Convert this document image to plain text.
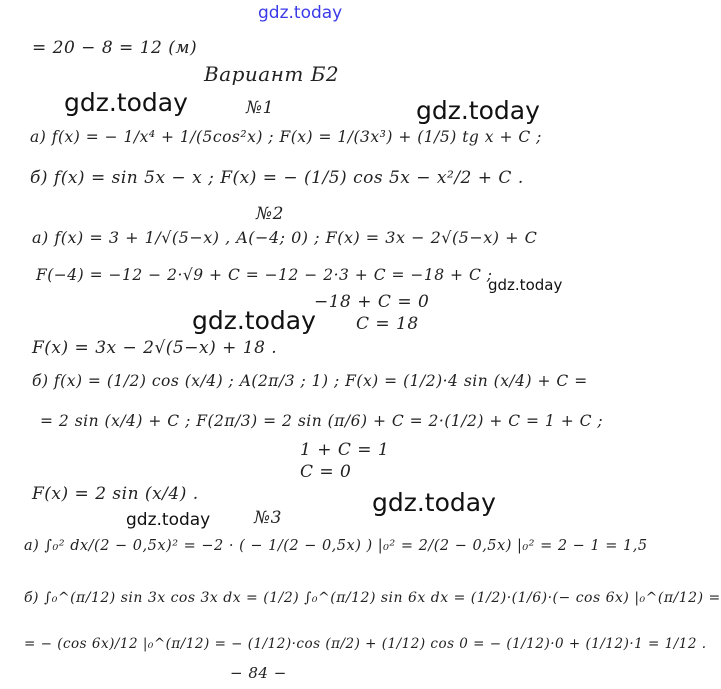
gdz.today
= 20 − 8 = 12 (м)
Вариант Б2
gdz.today	№1	gdz.today
а) f(x) = − 1/x⁴ + 1/(5cos²x) ; F(x) = 1/(3x³) + (1/5) tg x + C ;
б) f(x) = sin 5x − x ; F(x) = − (1/5) cos 5x − x²/2 + C .
№2
а) f(x) = 3 + 1/√(5−x) , A(−4; 0) ; F(x) = 3x − 2√(5−x) + C
F(−4) = −12 − 2·√9 + C = −12 − 2·3 + C = −18 + C ;
gdz.today
−18 + C = 0
gdz.today C = 18
F(x) = 3x − 2√(5−x) + 18 .
б) f(x) = (1/2) cos (x/4) ; A(2π/3 ; 1) ; F(x) = (1/2)·4 sin (x/4) + C =
= 2 sin (x/4) + C ; F(2π/3) = 2 sin (π/6) + C = 2·(1/2) + C = 1 + C ;
1 + C = 1
C = 0
F(x) = 2 sin (x/4) .	gdz.today
gdz.today	№3
а) ∫₀² dx/(2 − 0,5x)² = −2 · ( − 1/(2 − 0,5x) ) |₀² = 2/(2 − 0,5x) |₀² = 2 − 1 = 1,5
б) ∫₀^(π/12) sin 3x cos 3x dx = (1/2) ∫₀^(π/12) sin 6x dx = (1/2)·(1/6)·(− cos 6x) |₀^(π/12) =
= − (cos 6x)/12 |₀^(π/12) = − (1/12)·cos (π/2) + (1/12) cos 0 = − (1/12)·0 + (1/12)·1 = 1/12 .
− 84 −
